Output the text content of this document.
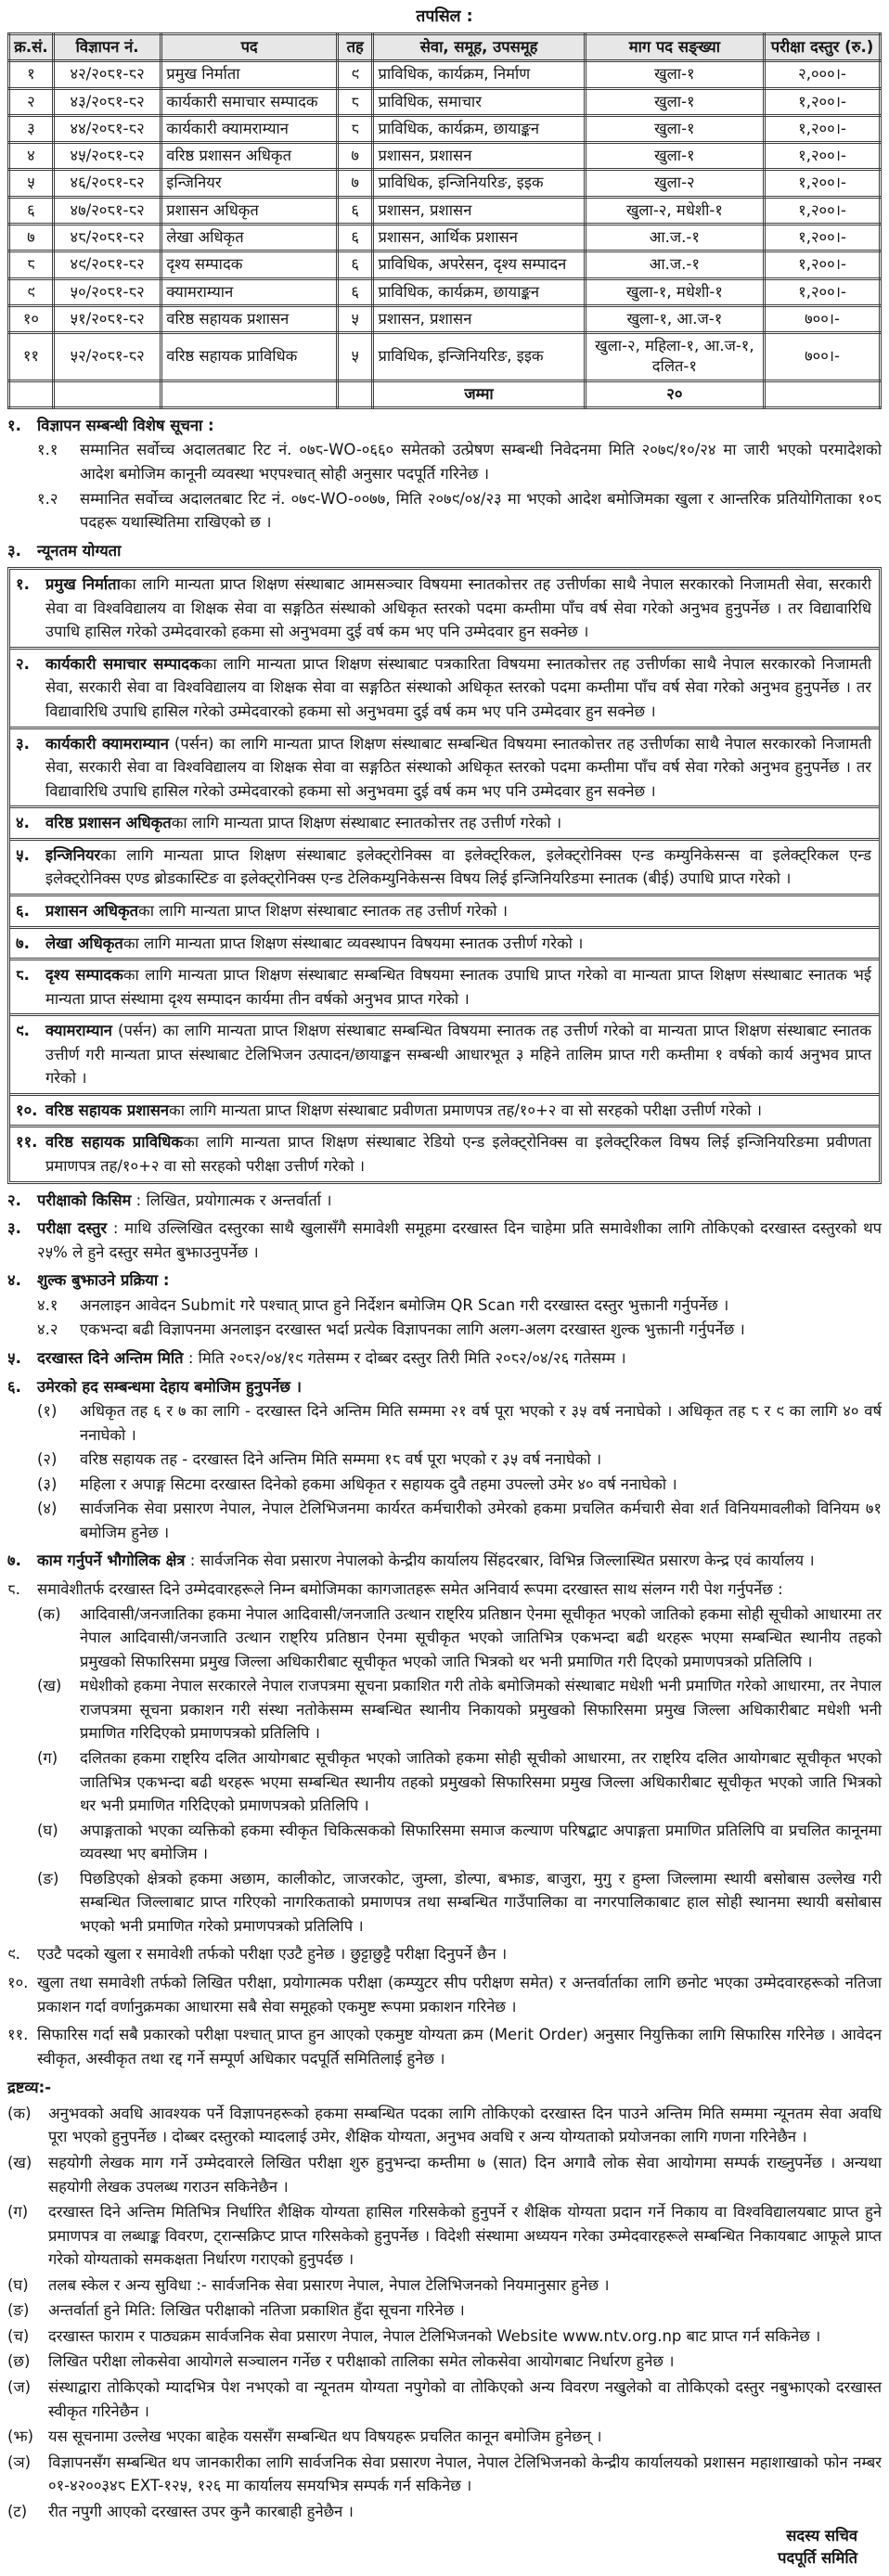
तपसिल :
क्र.सं.	विज्ञापन नं.	पद	तह	सेवा, समूह, उपसमूह	माग पद सङ्ख्या	परीक्षा दस्तुर (रु.)
१	४२/२०८१-८२	प्रमुख निर्माता	९	प्राविधिक, कार्यक्रम, निर्माण	खुला-१	२,०००।-
२	४३/२०८१-८२	कार्यकारी समाचार सम्पादक	८	प्राविधिक, समाचार	खुला-१	१,२००।-
३	४४/२०८१-८२	कार्यकारी क्यामराम्यान	८	प्राविधिक, कार्यक्रम, छायाङ्कन	खुला-१	१,२००।-
४	४५/२०८१-८२	वरिष्ठ प्रशासन अधिकृत	७	प्रशासन, प्रशासन	खुला-१	१,२००।-
५	४६/२०८१-८२	इन्जिनियर	७	प्राविधिक, इन्जिनियरिङ, इइक	खुला-२	१,२००।-
६	४७/२०८१-८२	प्रशासन अधिकृत	६	प्रशासन, प्रशासन	खुला-२, मधेशी-१	१,२००।-
७	४८/२०८१-८२	लेखा अधिकृत	६	प्रशासन, आर्थिक प्रशासन	आ.ज.-१	१,२००।-
८	४९/२०८१-८२	दृश्य सम्पादक	६	प्राविधिक, अपरेसन, दृश्य सम्पादन	आ.ज.-१	१,२००।-
९	५०/२०८१-८२	क्यामराम्यान	६	प्राविधिक, कार्यक्रम, छायाङ्कन	खुला-१, मधेशी-१	१,२००।-
१०	५१/२०८१-८२	वरिष्ठ सहायक प्रशासन	५	प्रशासन, प्रशासन	खुला-१, आ.ज-१	७००।-
११	५२/२०८१-८२	वरिष्ठ सहायक प्राविधिक	५	प्राविधिक, इन्जिनियरिङ, इइक	खुला-२, महिला-१, आ.ज-१, दलित-१	७००।-
				जम्मा	२०	
१.	विज्ञापन सम्बन्धी विशेष सूचना :
१.१	सम्मानित सर्वोच्च अदालतबाट रिट नं. ०७८-WO-०६६० समेतको उत्प्रेषण सम्बन्धी निवेदनमा मिति २०७९/१०/२४ मा जारी भएको परमादेशको आदेश बमोजिम कानूनी व्यवस्था भएपश्चात् सोही अनुसार पदपूर्ति गरिनेछ ।
१.२	सम्मानित सर्वोच्च अदालतबाट रिट नं. ०७९-WO-००७७, मिति २०७९/०४/२३ मा भएको आदेश बमोजिमका खुला र आन्तरिक प्रतियोगिताका १०८ पदहरू यथास्थितिमा राखिएको छ ।
३.	न्यूनतम योग्यता
१.	प्रमुख निर्माताका लागि मान्यता प्राप्त शिक्षण संस्थाबाट आमसञ्चार विषयमा स्नातकोत्तर तह उत्तीर्णका साथै नेपाल सरकारको निजामती सेवा, सरकारी सेवा वा विश्वविद्यालय वा शिक्षक सेवा वा सङ्गठित संस्थाको अधिकृत स्तरको पदमा कम्तीमा पाँच वर्ष सेवा गरेको अनुभव हुनुपर्नेछ । तर विद्यावारिधि उपाधि हासिल गरेको उम्मेदवारको हकमा सो अनुभवमा दुई वर्ष कम भए पनि उम्मेदवार हुन सक्नेछ ।
२.	कार्यकारी समाचार सम्पादकका लागि मान्यता प्राप्त शिक्षण संस्थाबाट पत्रकारिता विषयमा स्नातकोत्तर तह उत्तीर्णका साथै नेपाल सरकारको निजामती सेवा, सरकारी सेवा वा विश्वविद्यालय वा शिक्षक सेवा वा सङ्गठित संस्थाको अधिकृत स्तरको पदमा कम्तीमा पाँच वर्ष सेवा गरेको अनुभव हुनुपर्नेछ । तर विद्यावारिधि उपाधि हासिल गरेको उम्मेदवारको हकमा सो अनुभवमा दुई वर्ष कम भए पनि उम्मेदवार हुन सक्नेछ ।
३.	कार्यकारी क्यामराम्यान (पर्सन) का लागि मान्यता प्राप्त शिक्षण संस्थाबाट सम्बन्धित विषयमा स्नातकोत्तर तह उत्तीर्णका साथै नेपाल सरकारको निजामती सेवा, सरकारी सेवा वा विश्वविद्यालय वा शिक्षक सेवा वा सङ्गठित संस्थाको अधिकृत स्तरको पदमा कम्तीमा पाँच वर्ष सेवा गरेको अनुभव हुनुपर्नेछ । तर विद्यावारिधि उपाधि हासिल गरेको उम्मेदवारको हकमा सो अनुभवमा दुई वर्ष कम भए पनि उम्मेदवार हुन सक्नेछ ।
४.	वरिष्ठ प्रशासन अधिकृतका लागि मान्यता प्राप्त शिक्षण संस्थाबाट स्नातकोत्तर तह उत्तीर्ण गरेको ।
५.	इन्जिनियरका लागि मान्यता प्राप्त शिक्षण संस्थाबाट इलेक्ट्रोनिक्स वा इलेक्ट्रिकल, इलेक्ट्रोनिक्स एन्ड कम्युनिकेसन्स वा इलेक्ट्रिकल एन्ड इलेक्ट्रोनिक्स एण्ड ब्रोडकास्टिङ वा इलेक्ट्रोनिक्स एन्ड टेलिकम्युनिकेसन्स विषय लिई इन्जिनियरिङमा स्नातक (बीई) उपाधि प्राप्त गरेको ।
६.	प्रशासन अधिकृतका लागि मान्यता प्राप्त शिक्षण संस्थाबाट स्नातक तह उत्तीर्ण गरेको ।
७.	लेखा अधिकृतका लागि मान्यता प्राप्त शिक्षण संस्थाबाट व्यवस्थापन विषयमा स्नातक उत्तीर्ण गरेको ।
८.	दृश्य सम्पादकका लागि मान्यता प्राप्त शिक्षण संस्थाबाट सम्बन्धित विषयमा स्नातक उपाधि प्राप्त गरेको वा मान्यता प्राप्त शिक्षण संस्थाबाट स्नातक भई मान्यता प्राप्त संस्थामा दृश्य सम्पादन कार्यमा तीन वर्षको अनुभव प्राप्त गरेको ।
९.	क्यामराम्यान (पर्सन) का लागि मान्यता प्राप्त शिक्षण संस्थाबाट सम्बन्धित विषयमा स्नातक तह उत्तीर्ण गरेको वा मान्यता प्राप्त शिक्षण संस्थाबाट स्नातक उत्तीर्ण गरी मान्यता प्राप्त संस्थाबाट टेलिभिजन उत्पादन/छायाङ्कन सम्बन्धी आधारभूत ३ महिने तालिम प्राप्त गरी कम्तीमा १ वर्षको कार्य अनुभव प्राप्त गरेको ।
१०. वरिष्ठ सहायक प्रशासनका लागि मान्यता प्राप्त शिक्षण संस्थाबाट प्रवीणता प्रमाणपत्र तह/१०+२ वा सो सरहको परीक्षा उत्तीर्ण गरेको ।
११. वरिष्ठ सहायक प्राविधिकका लागि मान्यता प्राप्त शिक्षण संस्थाबाट रेडियो एन्ड इलेक्ट्रोनिक्स वा इलेक्ट्रिकल विषय लिई इन्जिनियरिङमा प्रवीणता प्रमाणपत्र तह/१०+२ वा सो सरहको परीक्षा उत्तीर्ण गरेको ।
२.	परीक्षाको किसिम : लिखित, प्रयोगात्मक र अन्तर्वार्ता ।
३.	परीक्षा दस्तुर : माथि उल्लिखित दस्तुरका साथै खुलासँगै समावेशी समूहमा दरखास्त दिन चाहेमा प्रति समावेशीका लागि तोकिएको दरखास्त दस्तुरको थप २५% ले हुने दस्तुर समेत बुझाउनुपर्नेछ ।
४.	शुल्क बुझाउने प्रक्रिया :
४.१	अनलाइन आवेदन Submit गरे पश्चात् प्राप्त हुने निर्देशन बमोजिम QR Scan गरी दरखास्त दस्तुर भुक्तानी गर्नुपर्नेछ ।
४.२	एकभन्दा बढी विज्ञापनमा अनलाइन दरखास्त भर्दा प्रत्येक विज्ञापनका लागि अलग-अलग दरखास्त शुल्क भुक्तानी गर्नुपर्नेछ ।
५.	दरखास्त दिने अन्तिम मिति : मिति २०८२/०४/१९ गतेसम्म र दोब्बर दस्तुर तिरी मिति २०८२/०४/२६ गतेसम्म ।
६.	उमेरको हद सम्बन्धमा देहाय बमोजिम हुनुपर्नेछ ।
(१)	अधिकृत तह ६ र ७ का लागि - दरखास्त दिने अन्तिम मिति सम्ममा २१ वर्ष पूरा भएको र ३५ वर्ष ननाघेको । अधिकृत तह ८ र ९ का लागि ४० वर्ष ननाघेको ।
(२)	वरिष्ठ सहायक तह - दरखास्त दिने अन्तिम मिति सम्ममा १८ वर्ष पूरा भएको र ३५ वर्ष ननाघेको ।
(३)	महिला र अपाङ्ग सिटमा दरखास्त दिनेको हकमा अधिकृत र सहायक दुवै तहमा उपल्लो उमेर ४० वर्ष ननाघेको ।
(४)	सार्वजनिक सेवा प्रसारण नेपाल, नेपाल टेलिभिजनमा कार्यरत कर्मचारीको उमेरको हकमा प्रचलित कर्मचारी सेवा शर्त विनियमावलीको विनियम ७१ बमोजिम हुनेछ ।
७.	काम गर्नुपर्ने भौगोलिक क्षेत्र : सार्वजनिक सेवा प्रसारण नेपालको केन्द्रीय कार्यालय सिंहदरबार, विभिन्न जिल्लास्थित प्रसारण केन्द्र एवं कार्यालय ।
८.	समावेशीतर्फ दरखास्त दिने उम्मेदवारहरूले निम्न बमोजिमका कागजातहरू समेत अनिवार्य रूपमा दरखास्त साथ संलग्न गरी पेश गर्नुपर्नेछ :
(क)	आदिवासी/जनजातिका हकमा नेपाल आदिवासी/जनजाति उत्थान राष्ट्रिय प्रतिष्ठान ऐनमा सूचीकृत भएको जातिको हकमा सोही सूचीको आधारमा तर नेपाल आदिवासी/जनजाति उत्थान राष्ट्रिय प्रतिष्ठान ऐनमा सूचीकृत भएको जातिभित्र एकभन्दा बढी थरहरू भएमा सम्बन्धित स्थानीय तहको प्रमुखको सिफारिसमा प्रमुख जिल्ला अधिकारीबाट सूचीकृत भएको जाति भित्रको थर भनी प्रमाणित गरी दिएको प्रमाणपत्रको प्रतिलिपि ।
(ख)	मधेशीको हकमा नेपाल सरकारले नेपाल राजपत्रमा सूचना प्रकाशित गरी तोके बमोजिमको संस्थाबाट मधेशी भनी प्रमाणित गरेको आधारमा, तर नेपाल राजपत्रमा सूचना प्रकाशन गरी संस्था नतोकेसम्म सम्बन्धित स्थानीय निकायको प्रमुखको सिफारिसमा प्रमुख जिल्ला अधिकारीबाट मधेशी भनी प्रमाणित गरिदिएको प्रमाणपत्रको प्रतिलिपि ।
(ग)	दलितका हकमा राष्ट्रिय दलित आयोगबाट सूचीकृत भएको जातिको हकमा सोही सूचीको आधारमा, तर राष्ट्रिय दलित आयोगबाट सूचीकृत भएको जातिभित्र एकभन्दा बढी थरहरू भएमा सम्बन्धित स्थानीय तहको प्रमुखको सिफारिसमा प्रमुख जिल्ला अधिकारीबाट सूचीकृत भएको जाति भित्रको थर भनी प्रमाणित गरिदिएको प्रमाणपत्रको प्रतिलिपि ।
(घ)	अपाङ्गताको भएका व्यक्तिको हकमा स्वीकृत चिकित्सकको सिफारिसमा समाज कल्याण परिषद्बाट अपाङ्गता प्रमाणित प्रतिलिपि वा प्रचलित कानूनमा व्यवस्था भए बमोजिम ।
(ङ)	पिछडिएको क्षेत्रको हकमा अछाम, कालीकोट, जाजरकोट, जुम्ला, डोल्पा, बझाङ, बाजुरा, मुगु र हुम्ला जिल्लामा स्थायी बसोबास उल्लेख गरी सम्बन्धित जिल्लाबाट प्राप्त गरिएको नागरिकताको प्रमाणपत्र तथा सम्बन्धित गाउँपालिका वा नगरपालिकाबाट हाल सोही स्थानमा स्थायी बसोबास भएको भनी प्रमाणित गरेको प्रमाणपत्रको प्रतिलिपि ।
९.	एउटै पदको खुला र समावेशी तर्फको परीक्षा एउटै हुनेछ । छुट्टाछुट्टै परीक्षा दिनुपर्ने छैन ।
१०. खुला तथा समावेशी तर्फको लिखित परीक्षा, प्रयोगात्मक परीक्षा (कम्प्युटर सीप परीक्षण समेत) र अन्तर्वार्ताका लागि छनोट भएका उम्मेदवारहरूको नतिजा प्रकाशन गर्दा वर्णानुक्रमका आधारमा सबै सेवा समूहको एकमुष्ट रूपमा प्रकाशन गरिनेछ ।
११. सिफारिस गर्दा सबै प्रकारको परीक्षा पश्चात् प्राप्त हुन आएको एकमुष्ट योग्यता क्रम (Merit Order) अनुसार नियुक्तिका लागि सिफारिस गरिनेछ । आवेदन स्वीकृत, अस्वीकृत तथा रद्द गर्ने सम्पूर्ण अधिकार पदपूर्ति समितिलाई हुनेछ ।
द्रष्टव्य:-
(क)	अनुभवको अवधि आवश्यक पर्ने विज्ञापनहरूको हकमा सम्बन्धित पदका लागि तोकिएको दरखास्त दिन पाउने अन्तिम मिति सम्ममा न्यूनतम सेवा अवधि पूरा भएको हुनुपर्नेछ । दोब्बर दस्तुरको म्यादलाई उमेर, शैक्षिक योग्यता, अनुभव अवधि र अन्य योग्यताको प्रयोजनका लागि गणना गरिनेछैन ।
(ख)	सहयोगी लेखक माग गर्ने उम्मेदवारले लिखित परीक्षा शुरु हुनुभन्दा कम्तीमा ७ (सात) दिन अगावै लोक सेवा आयोगमा सम्पर्क राख्नुपर्नेछ । अन्यथा सहयोगी लेखक उपलब्ध गराउन सकिनेछैन ।
(ग)	दरखास्त दिने अन्तिम मितिभित्र निर्धारित शैक्षिक योग्यता हासिल गरिसकेको हुनुपर्ने र शैक्षिक योग्यता प्रदान गर्ने निकाय वा विश्वविद्यालयबाट प्राप्त हुने प्रमाणपत्र वा लब्धाङ्क विवरण, ट्रान्सक्रिप्ट प्राप्त गरिसकेको हुनुपर्नेछ । विदेशी संस्थामा अध्ययन गरेका उम्मेदवारहरूले सम्बन्धित निकायबाट आफूले प्राप्त गरेको योग्यताको समकक्षता निर्धारण गराएको हुनुपर्दछ ।
(घ)	तलब स्केल र अन्य सुविधा :- सार्वजनिक सेवा प्रसारण नेपाल, नेपाल टेलिभिजनको नियमानुसार हुनेछ ।
(ङ)	अन्तर्वार्ता हुने मिति: लिखित परीक्षाको नतिजा प्रकाशित हुँदा सूचना गरिनेछ ।
(च)	दरखास्त फाराम र पाठ्यक्रम सार्वजनिक सेवा प्रसारण नेपाल, नेपाल टेलिभिजनको Website www.ntv.org.np बाट प्राप्त गर्न सकिनेछ ।
(छ)	लिखित परीक्षा लोकसेवा आयोगले सञ्चालन गर्नेछ र परीक्षाको तालिका समेत लोकसेवा आयोगबाट निर्धारण हुनेछ ।
(ज)	संस्थाद्वारा तोकिएको म्यादभित्र पेश नभएको वा न्यूनतम योग्यता नपुगेको वा तोकिएको अन्य विवरण नखुलेको वा तोकिएको दस्तुर नबुझाएको दरखास्त स्वीकृत गरिनेछैन ।
(झ) यस सूचनामा उल्लेख भएका बाहेक यससँग सम्बन्धित थप विषयहरू प्रचलित कानून बमोजिम हुनेछन् ।
(ञ)	विज्ञापनसँग सम्बन्धित थप जानकारीका लागि सार्वजनिक सेवा प्रसारण नेपाल, नेपाल टेलिभिजनको केन्द्रीय कार्यालयको प्रशासन महाशाखाको फोन नम्बर ०१-४२००३४८ EXT-१२५, १२६ मा कार्यालय समयभित्र सम्पर्क गर्न सकिनेछ ।
(ट)	रीत नपुगी आएको दरखास्त उपर कुनै कारबाही हुनेछैन ।
सदस्य सचिव
पदपूर्ति समिति
